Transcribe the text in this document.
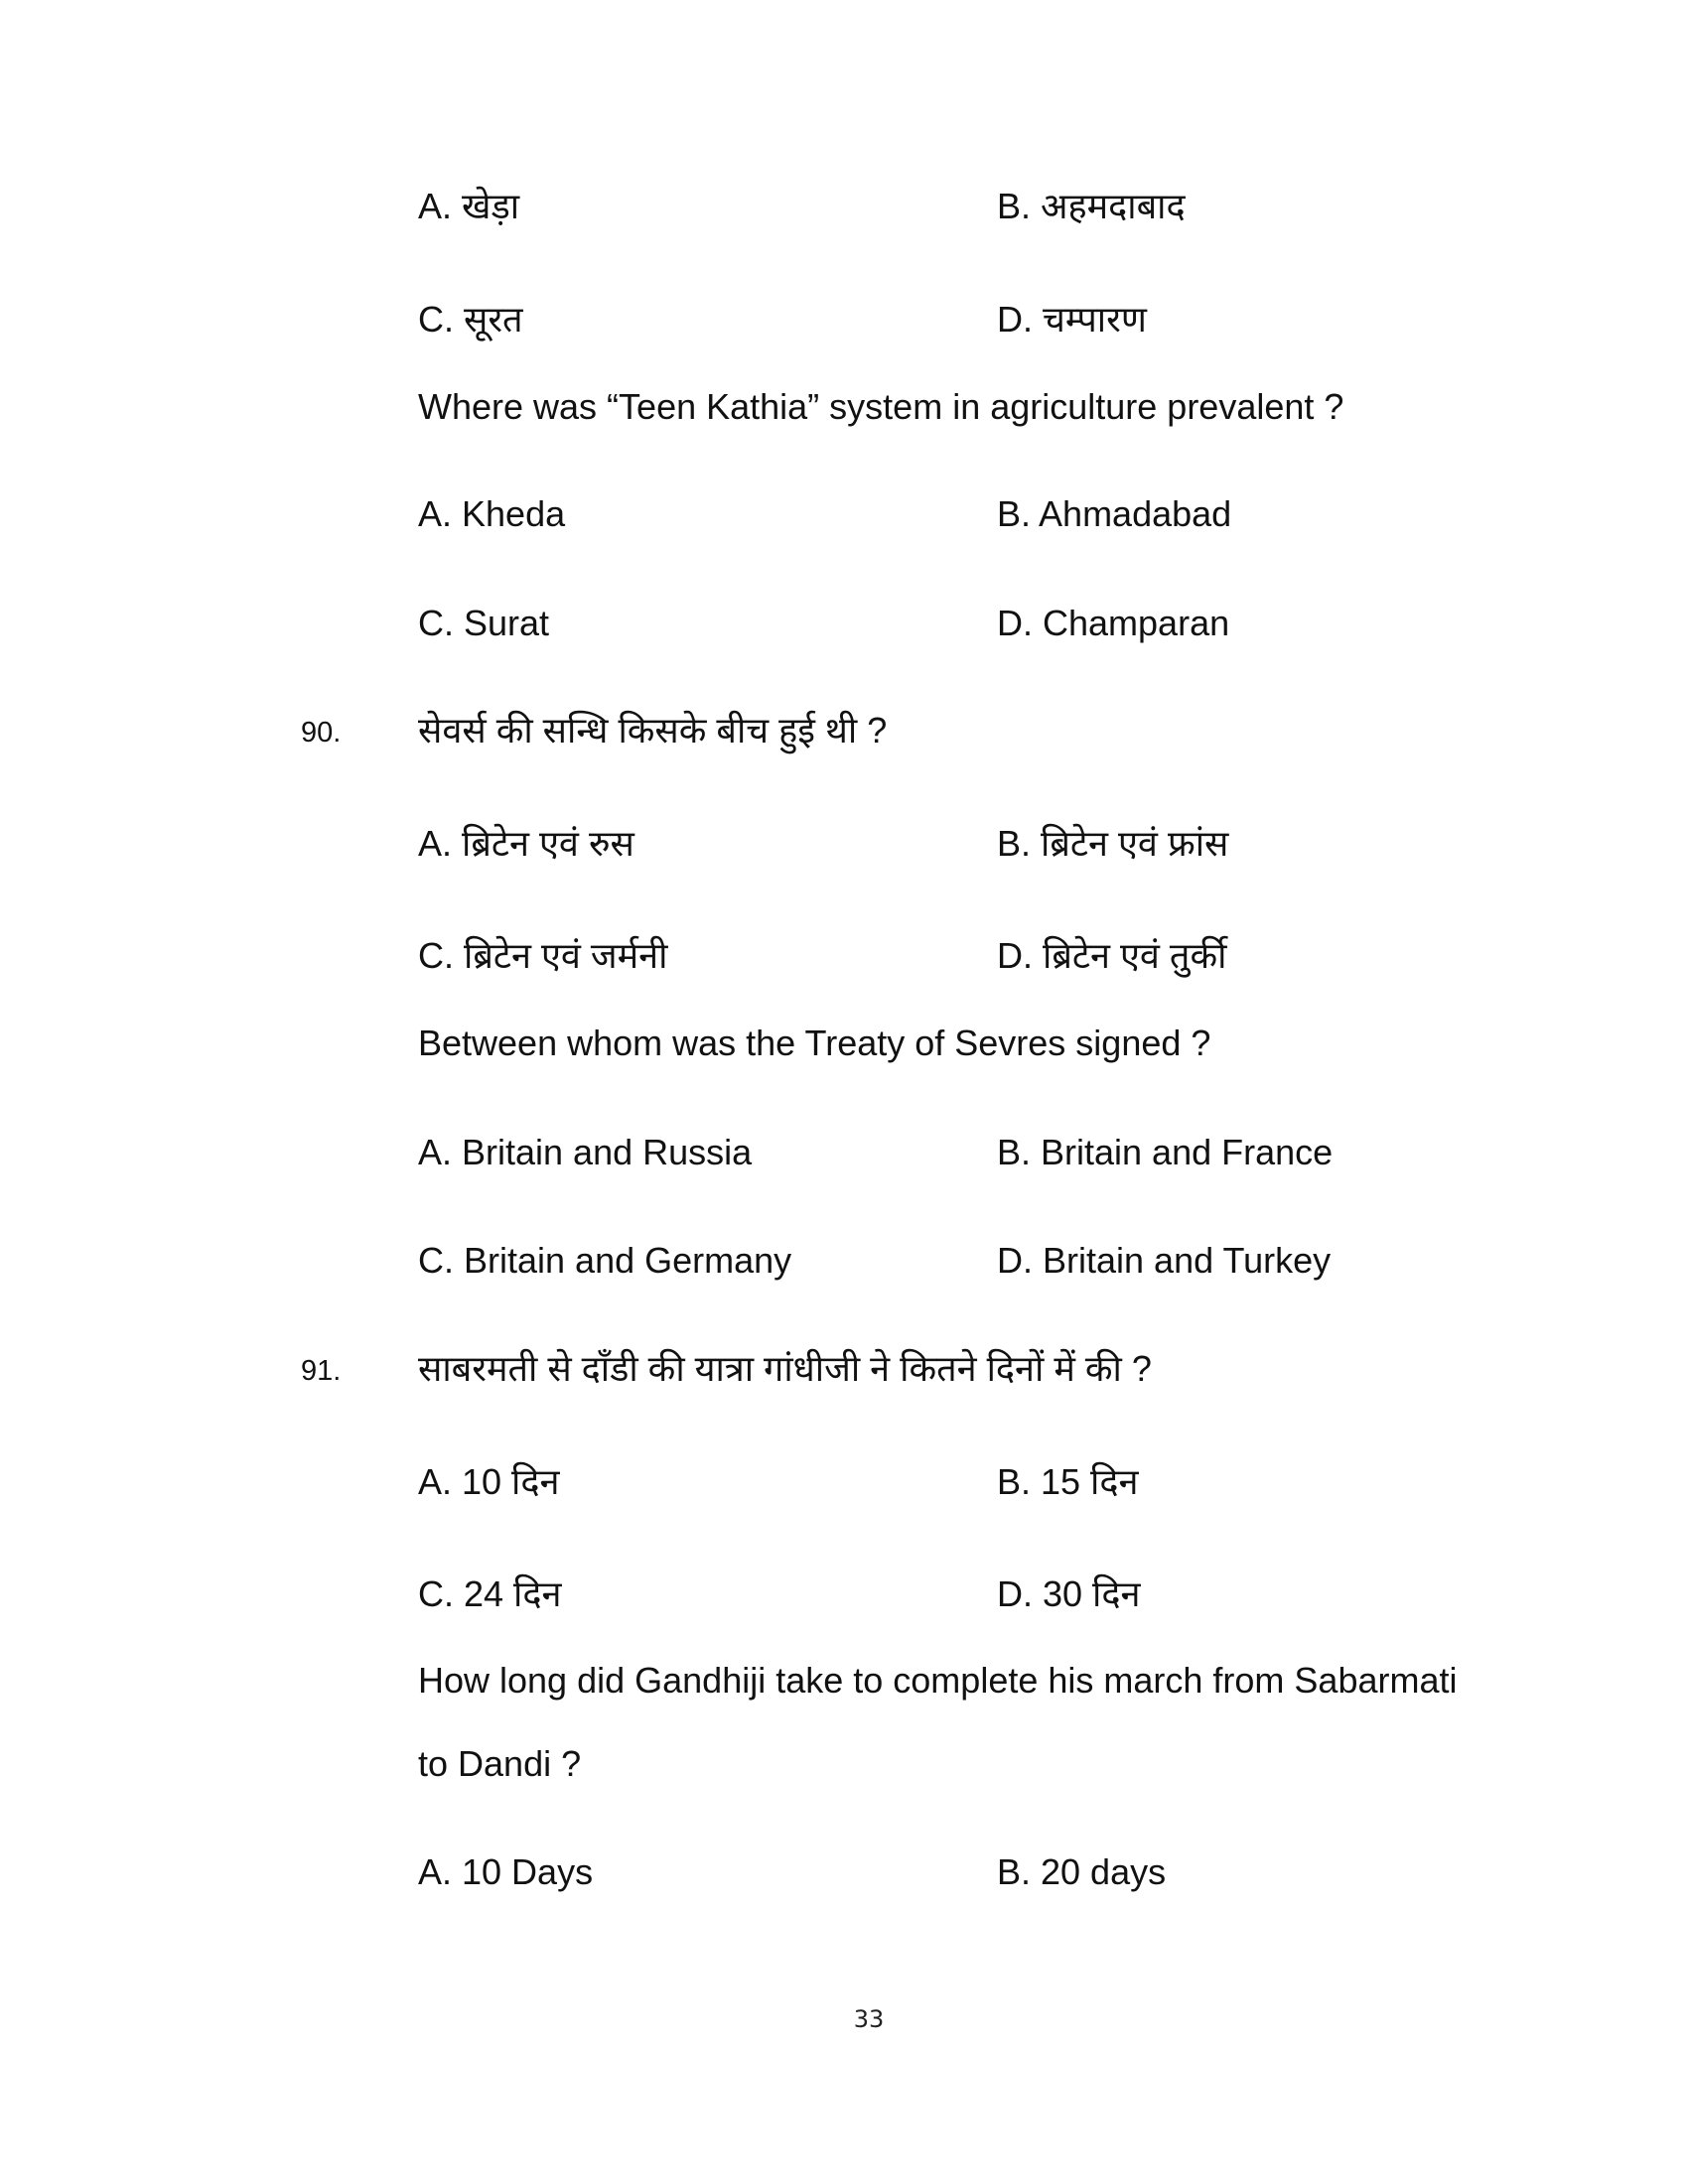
A. खेड़ा	B. अहमदाबाद
C. सूरत	D. चम्पारण
Where was “Teen Kathia” system in agriculture prevalent ?
A. Kheda	B. Ahmadabad
C. Surat	D. Champaran
90. सेवर्स की सन्धि किसके बीच हुई थी ?
A. ब्रिटेन एवं रुस	B. ब्रिटेन एवं फ्रांस
C. ब्रिटेन एवं जर्मनी	D. ब्रिटेन एवं तुर्की
Between whom was the Treaty of Sevres signed ?
A. Britain and Russia	B. Britain and France
C. Britain and Germany	D. Britain and Turkey
91. साबरमती से दाँडी की यात्रा गांधीजी ने कितने दिनों में की ?
A. 10 दिन	B. 15 दिन
C. 24 दिन	D. 30 दिन
How long did Gandhiji take to complete his march from Sabarmati
to Dandi ?
A. 10 Days	B. 20 days
33
